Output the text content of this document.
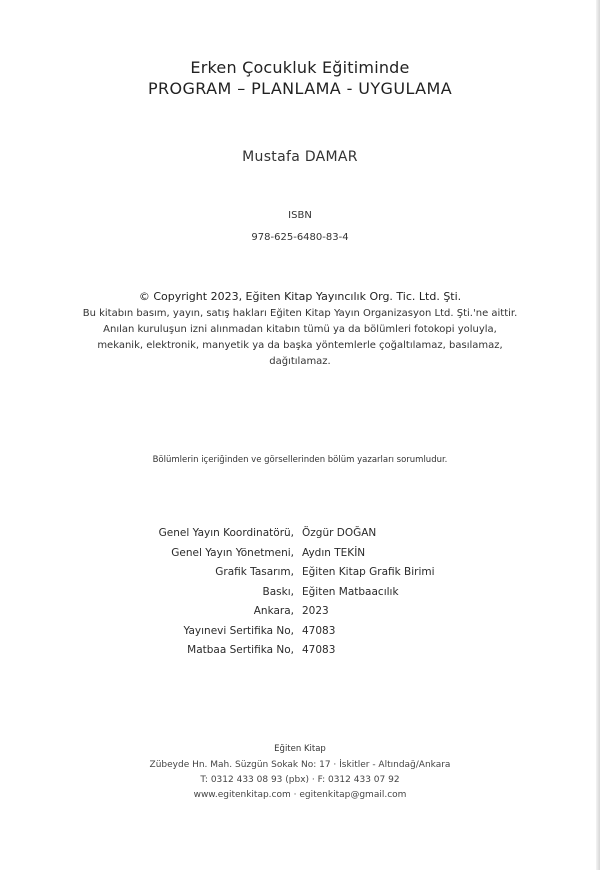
Erken Çocukluk Eğitiminde
PROGRAM – PLANLAMA - UYGULAMA
Mustafa DAMAR
ISBN
978-625-6480-83-4
© Copyright 2023, Eğiten Kitap Yayıncılık Org. Tic. Ltd. Şti.
Bu kitabın basım, yayın, satış hakları Eğiten Kitap Yayın Organizasyon Ltd. Şti.'ne aittir. Anılan kuruluşun izni alınmadan kitabın tümü ya da bölümleri fotokopi yoluyla, mekanik, elektronik, manyetik ya da başka yöntemlerle çoğaltılamaz, basılamaz, dağıtılamaz.
Bölümlerin içeriğinden ve görsellerinden bölüm yazarları sorumludur.
Genel Yayın Koordinatörü, Özgür DOĞAN
Genel Yayın Yönetmeni, Aydın TEKİN
Grafik Tasarım, Eğiten Kitap Grafik Birimi
Baskı, Eğiten Matbaacılık
Ankara, 2023
Yayınevi Sertifika No, 47083
Matbaa Sertifika No, 47083
Eğiten Kitap
Zübeyde Hn. Mah. Süzgün Sokak No: 17 · İskitler - Altındağ/Ankara
T: 0312 433 08 93 (pbx) · F: 0312 433 07 92
www.egitenkitap.com · egitenkitap@gmail.com
